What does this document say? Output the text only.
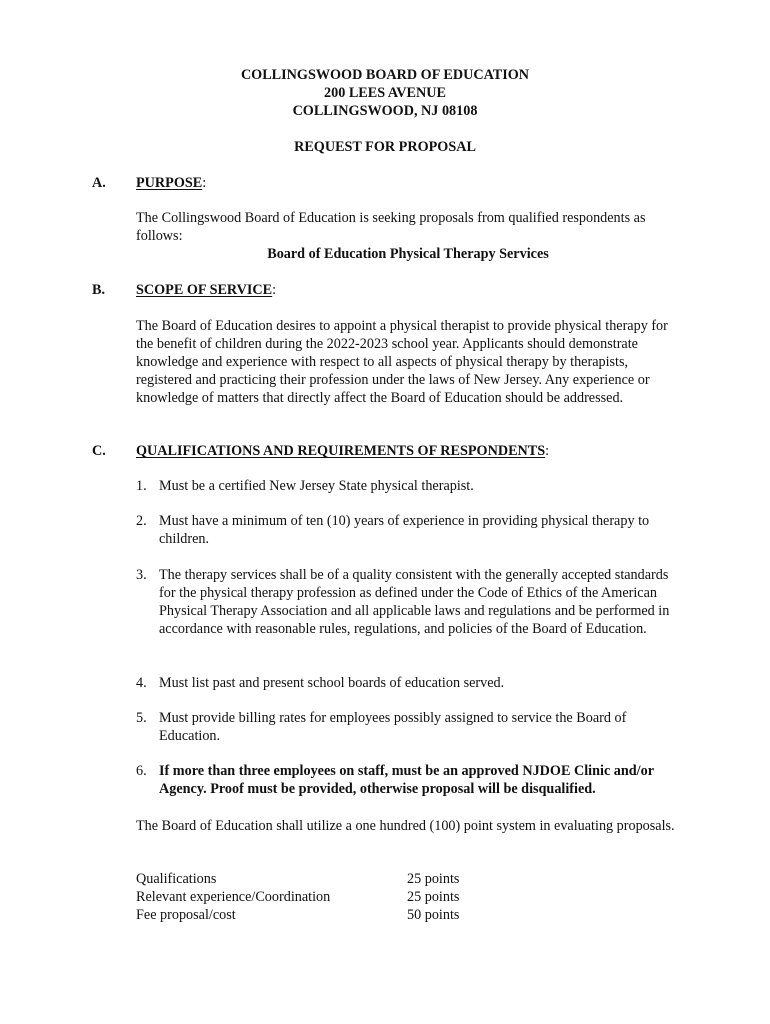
COLLINGSWOOD BOARD OF EDUCATION
200 LEES AVENUE
COLLINGSWOOD, NJ 08108
REQUEST FOR PROPOSAL
A. PURPOSE:
The Collingswood Board of Education is seeking proposals from qualified respondents as follows:
Board of Education Physical Therapy Services
B. SCOPE OF SERVICE:
The Board of Education desires to appoint a physical therapist to provide physical therapy for the benefit of children during the 2022-2023 school year. Applicants should demonstrate knowledge and experience with respect to all aspects of physical therapy by therapists, registered and practicing their profession under the laws of New Jersey. Any experience or knowledge of matters that directly affect the Board of Education should be addressed.
C. QUALIFICATIONS AND REQUIREMENTS OF RESPONDENTS:
1. Must be a certified New Jersey State physical therapist.
2. Must have a minimum of ten (10) years of experience in providing physical therapy to children.
3. The therapy services shall be of a quality consistent with the generally accepted standards for the physical therapy profession as defined under the Code of Ethics of the American Physical Therapy Association and all applicable laws and regulations and be performed in accordance with reasonable rules, regulations, and policies of the Board of Education.
4. Must list past and present school boards of education served.
5. Must provide billing rates for employees possibly assigned to service the Board of Education.
6. If more than three employees on staff, must be an approved NJDOE Clinic and/or Agency. Proof must be provided, otherwise proposal will be disqualified.
The Board of Education shall utilize a one hundred (100) point system in evaluating proposals.
Qualifications	25 points
Relevant experience/Coordination	25 points
Fee proposal/cost	50 points
